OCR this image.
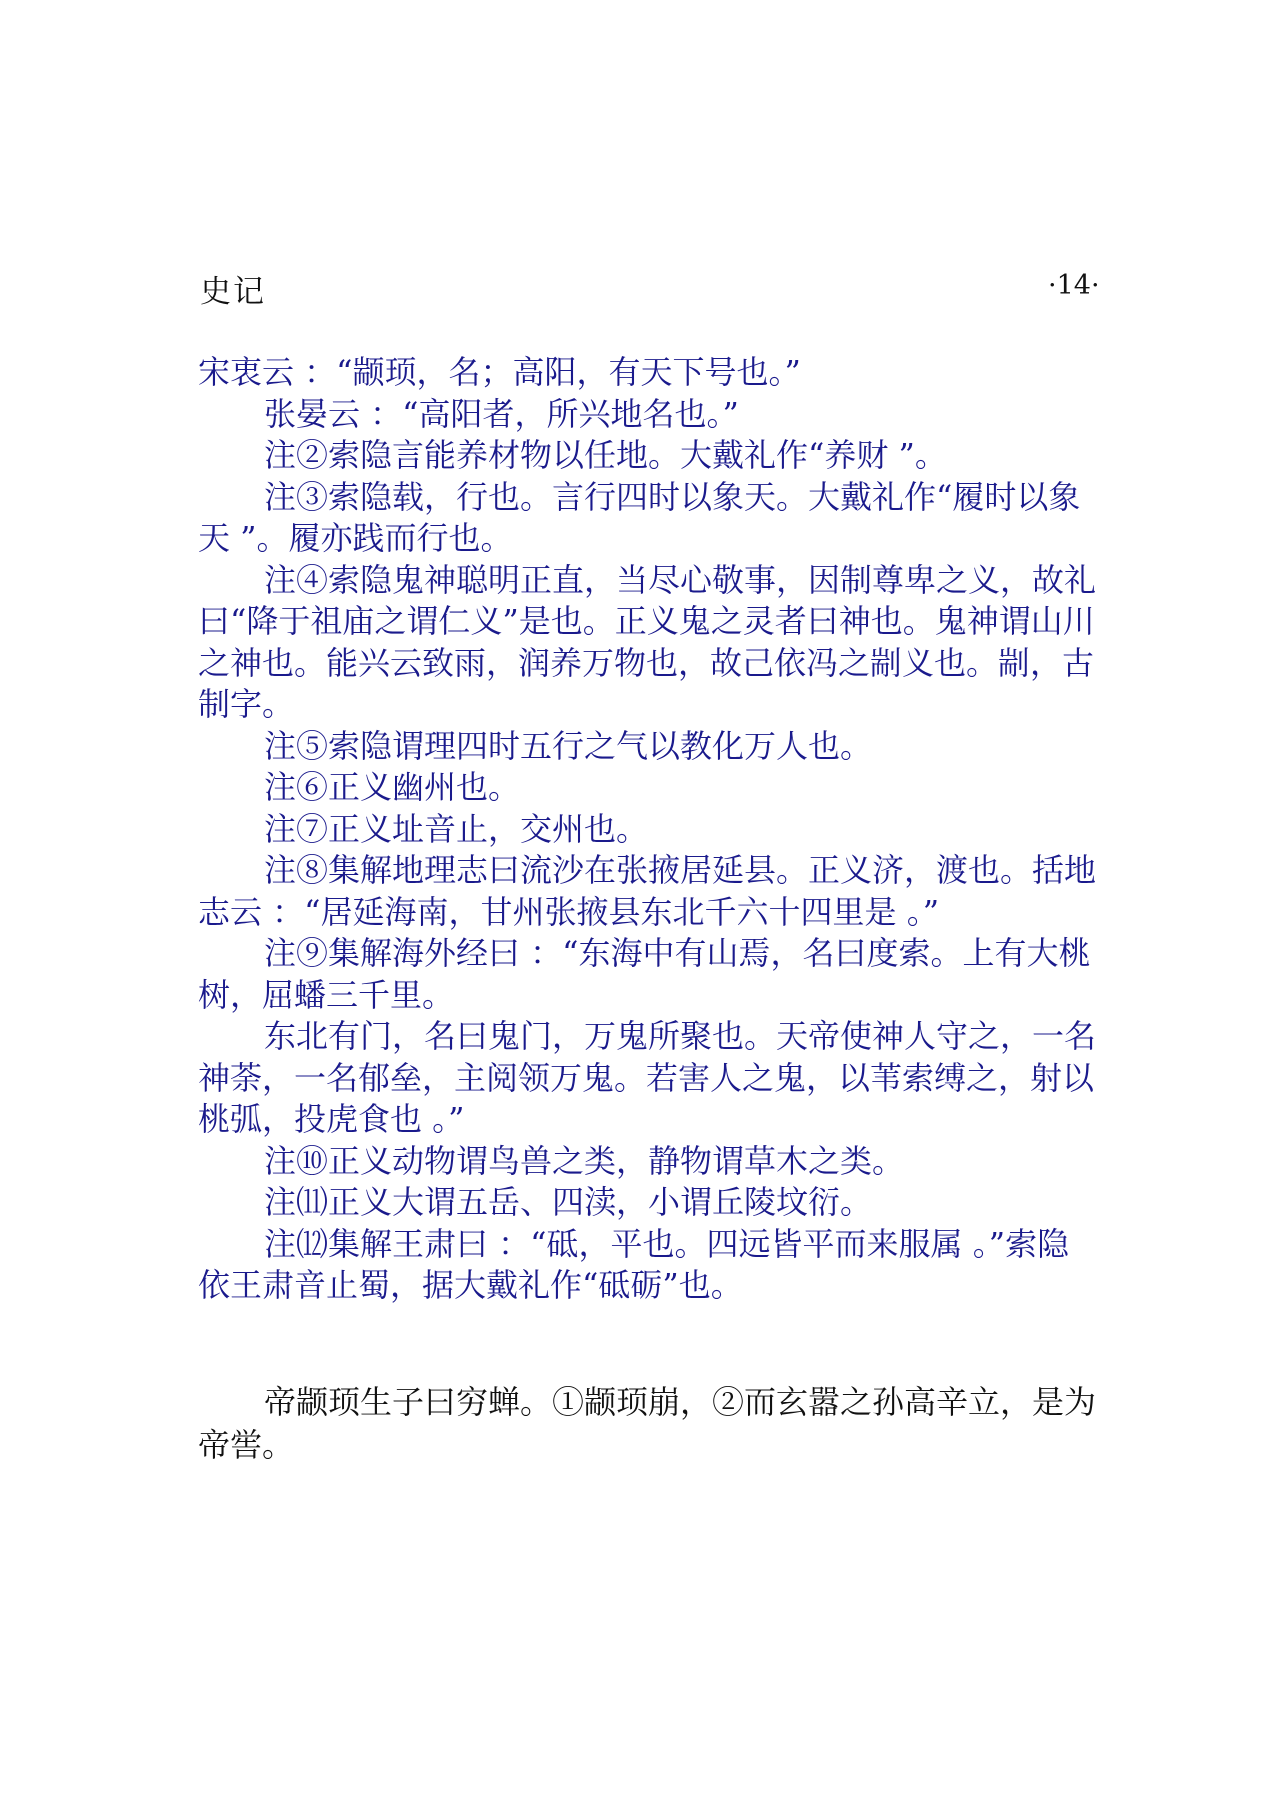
史记	·14·

宋衷云 ：“颛顼，名；高阳，有天下号也。”

张晏云 ：“高阳者，所兴地名也。”

注②索隐言能养材物以任地。大戴礼作“养财 ”。

注③索隐载，行也。言行四时以象天。大戴礼作“履时以象天 ”。履亦践而行也。

注④索隐鬼神聪明正直，当尽心敬事，因制尊卑之义，故礼曰“降于祖庙之谓仁义”是也。正义鬼之灵者曰神也。鬼神谓山川之神也。能兴云致雨，润养万物也，故己依冯之剬义也。剬，古制字。

注⑤索隐谓理四时五行之气以教化万人也。

注⑥正义幽州也。

注⑦正义址音止，交州也。

注⑧集解地理志曰流沙在张掖居延县。正义济，渡也。括地志云 ：“居延海南，甘州张掖县东北千六十四里是 。”

注⑨集解海外经曰 ：“东海中有山焉，名曰度索。上有大桃树，屈蟠三千里。

东北有门，名曰鬼门，万鬼所聚也。天帝使神人守之，一名神荼，一名郁垒，主阅领万鬼。若害人之鬼，以苇索缚之，射以桃弧，投虎食也 。”

注⑩正义动物谓鸟兽之类，静物谓草木之类。

注⑾正义大谓五岳、四渎，小谓丘陵坟衍。

注⑿集解王肃曰 ：“砥，平也。四远皆平而来服属 。”索隐依王肃音止蜀，据大戴礼作“砥砺”也。

帝颛顼生子曰穷蝉。①颛顼崩，②而玄嚣之孙高辛立，是为帝喾。
